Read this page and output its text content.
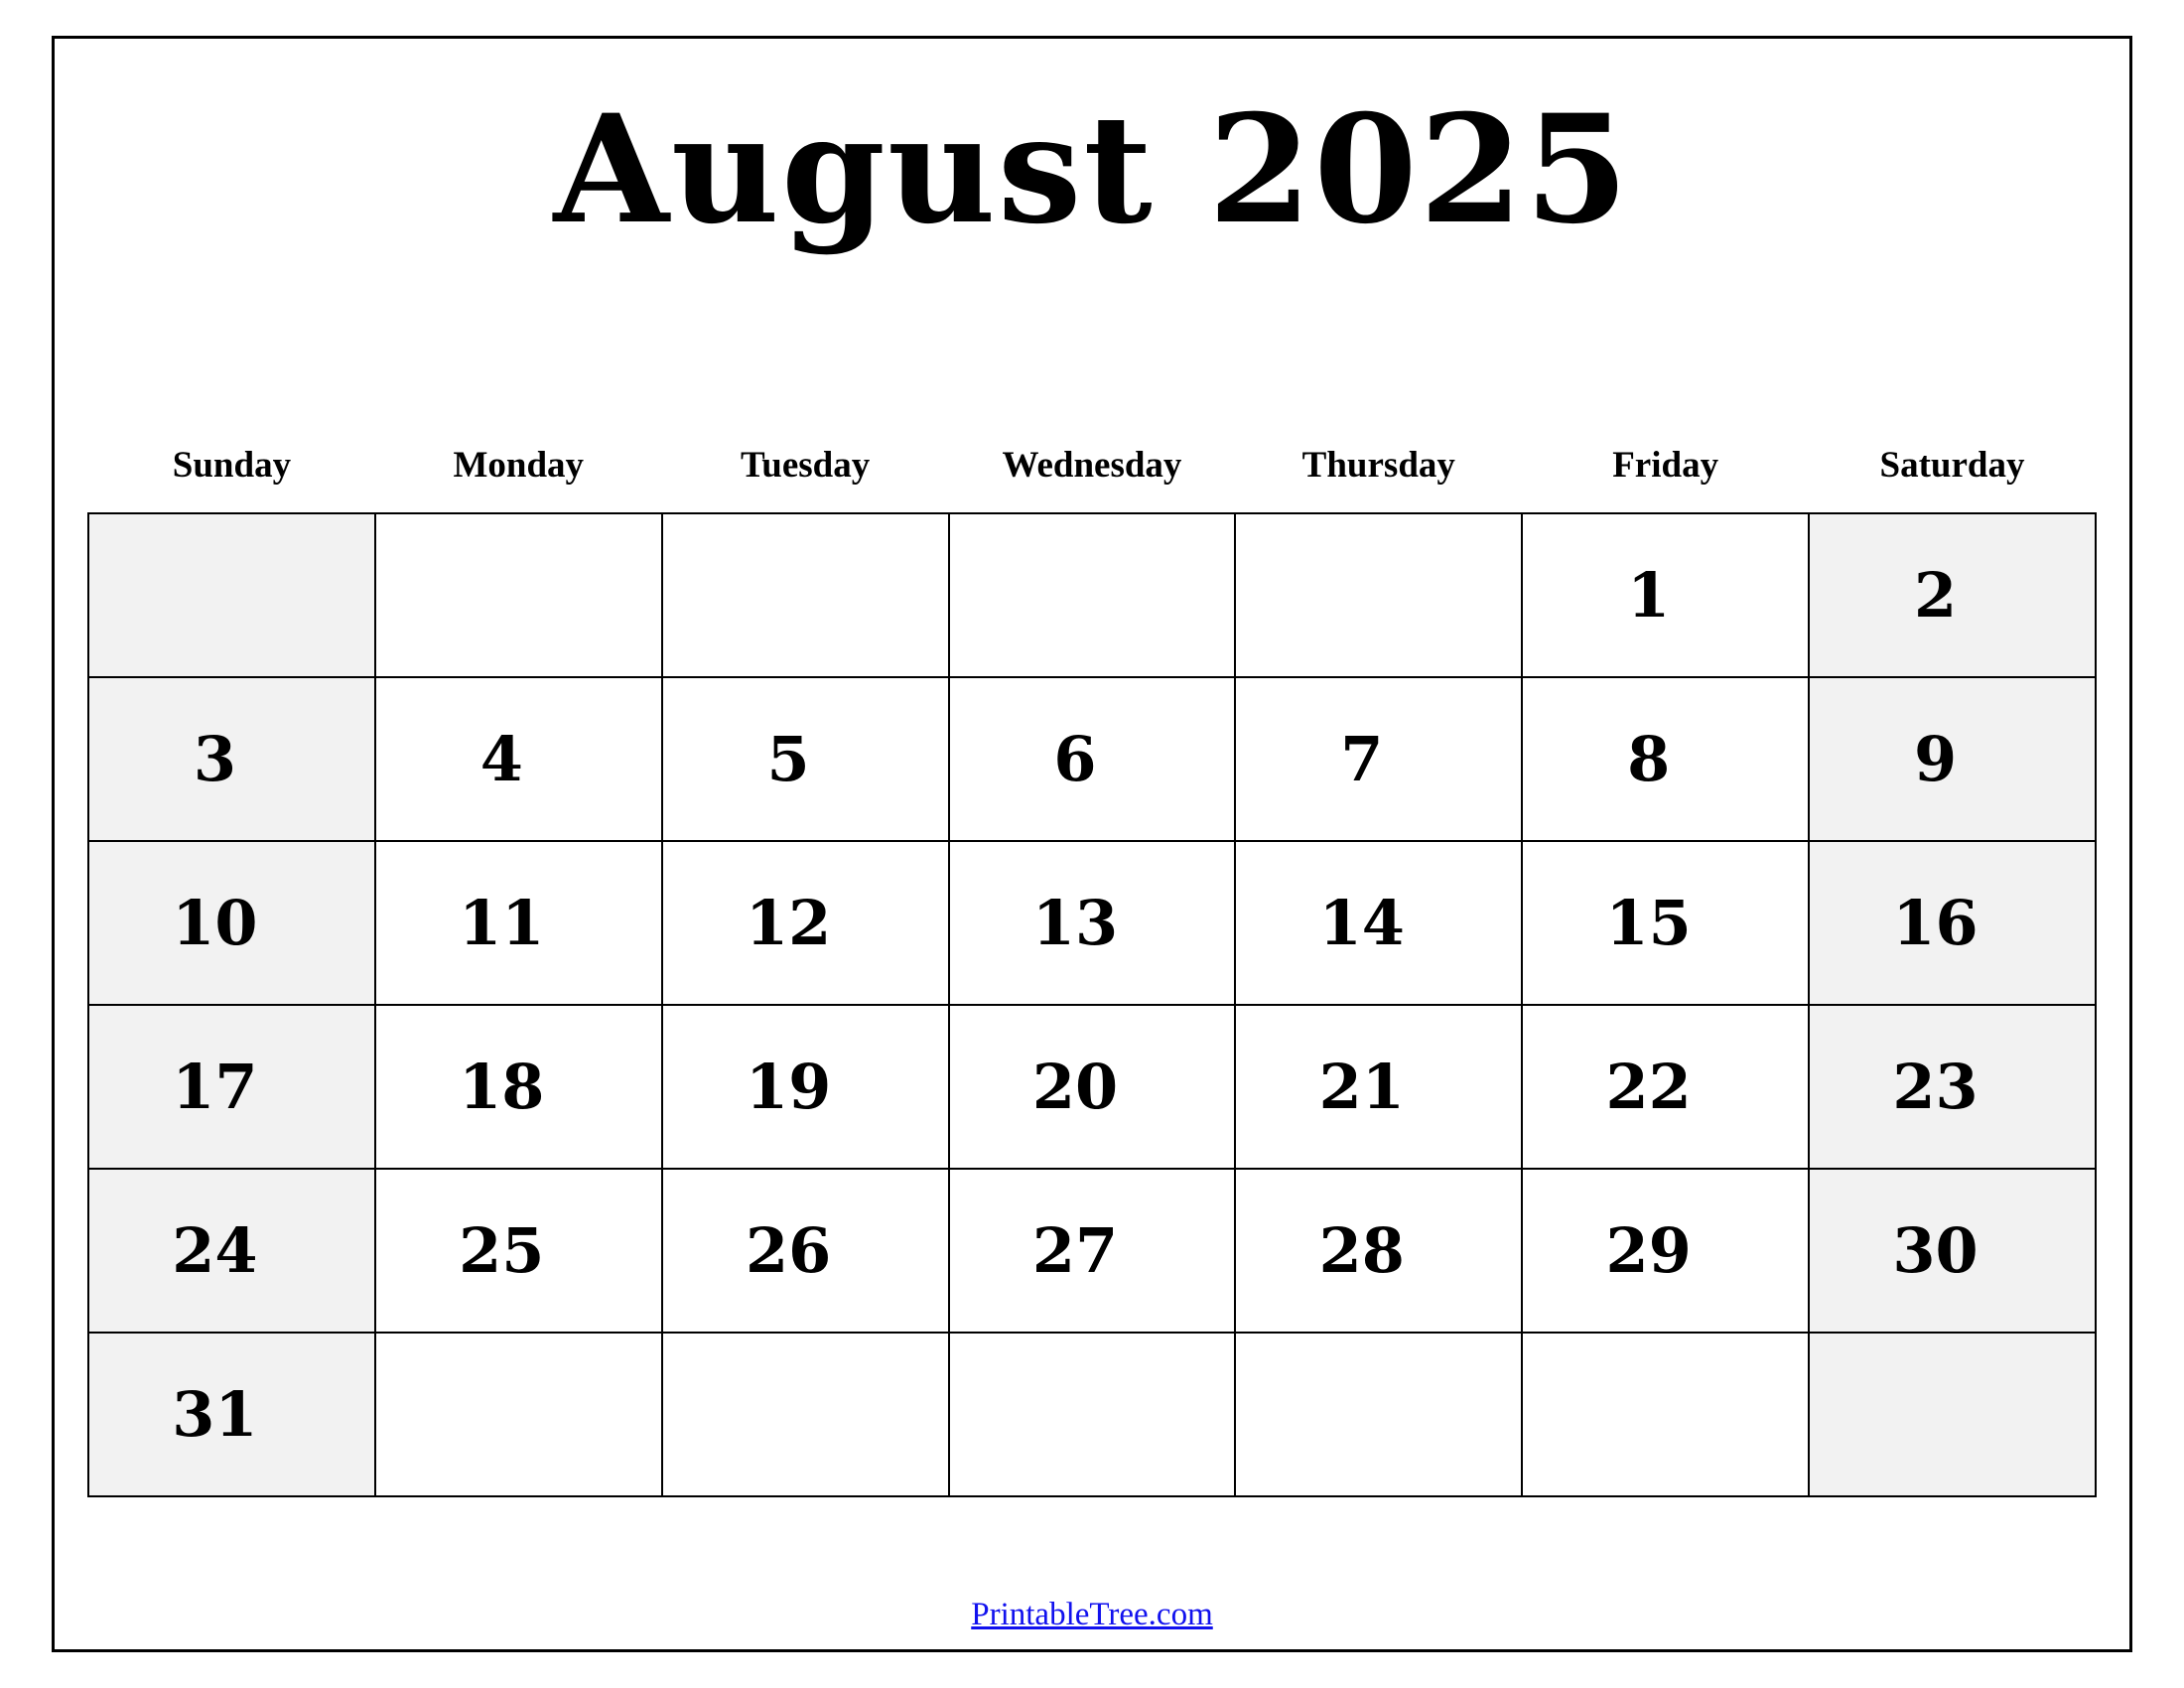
August 2025
Sunday	Monday	Tuesday	Wednesday	Thursday	Friday	Saturday
					1	2
3	4	5	6	7	8	9
10	11	12	13	14	15	16
17	18	19	20	21	22	23
24	25	26	27	28	29	30
31						
PrintableTree.com
